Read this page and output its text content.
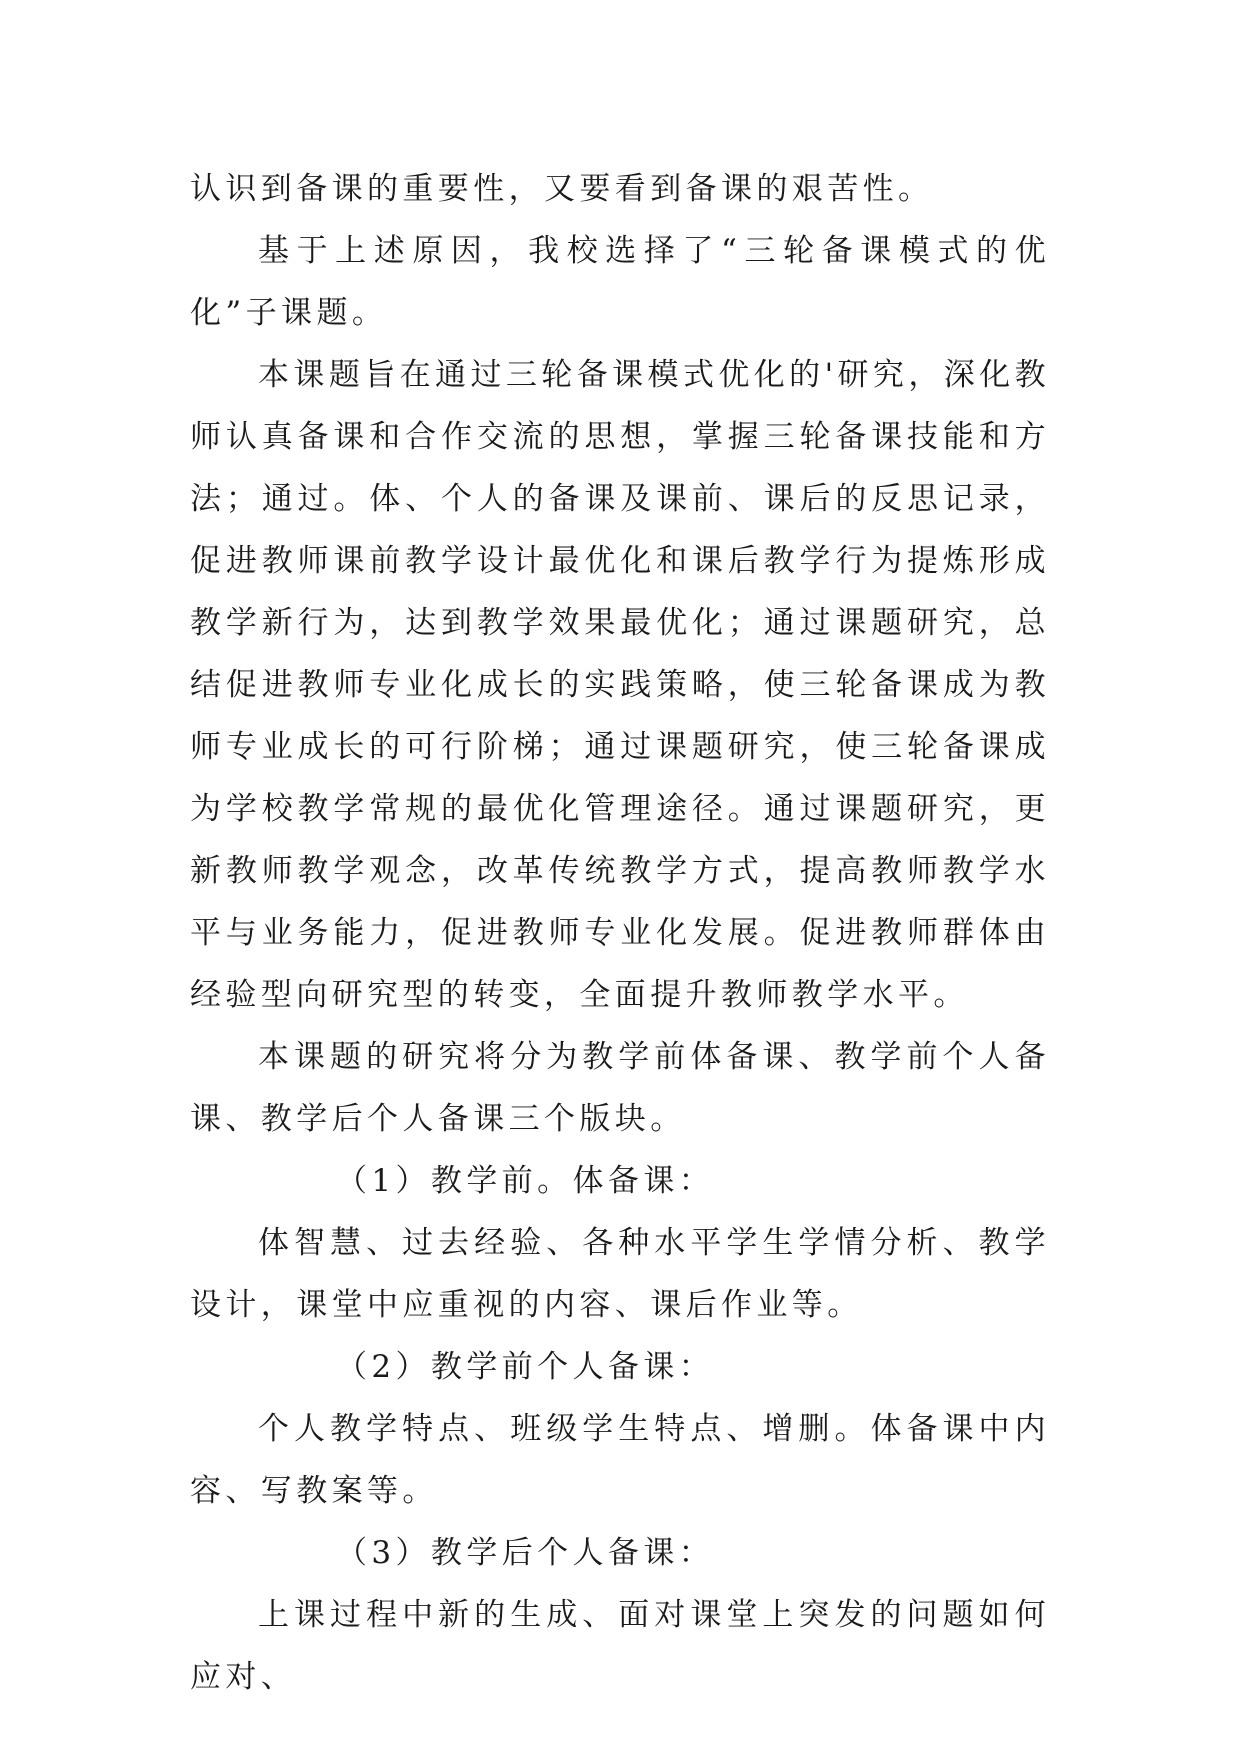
认识到备课的重要性，又要看到备课的艰苦性。

基于上述原因，我校选择了“三轮备课模式的优化”子课题。

本课题旨在通过三轮备课模式优化的'研究，深化教师认真备课和合作交流的思想，掌握三轮备课技能和方法；通过。体、个人的备课及课前、课后的反思记录，促进教师课前教学设计最优化和课后教学行为提炼形成教学新行为，达到教学效果最优化；通过课题研究，总结促进教师专业化成长的实践策略，使三轮备课成为教师专业成长的可行阶梯；通过课题研究，使三轮备课成为学校教学常规的最优化管理途径。通过课题研究，更新教师教学观念，改革传统教学方式，提高教师教学水平与业务能力，促进教师专业化发展。促进教师群体由经验型向研究型的转变，全面提升教师教学水平。

本课题的研究将分为教学前体备课、教学前个人备课、教学后个人备课三个版块。

（1）教学前。体备课：

体智慧、过去经验、各种水平学生学情分析、教学设计，课堂中应重视的内容、课后作业等。

（2）教学前个人备课：

个人教学特点、班级学生特点、增删。体备课中内容、写教案等。

（3）教学后个人备课：

上课过程中新的生成、面对课堂上突发的问题如何应对、
